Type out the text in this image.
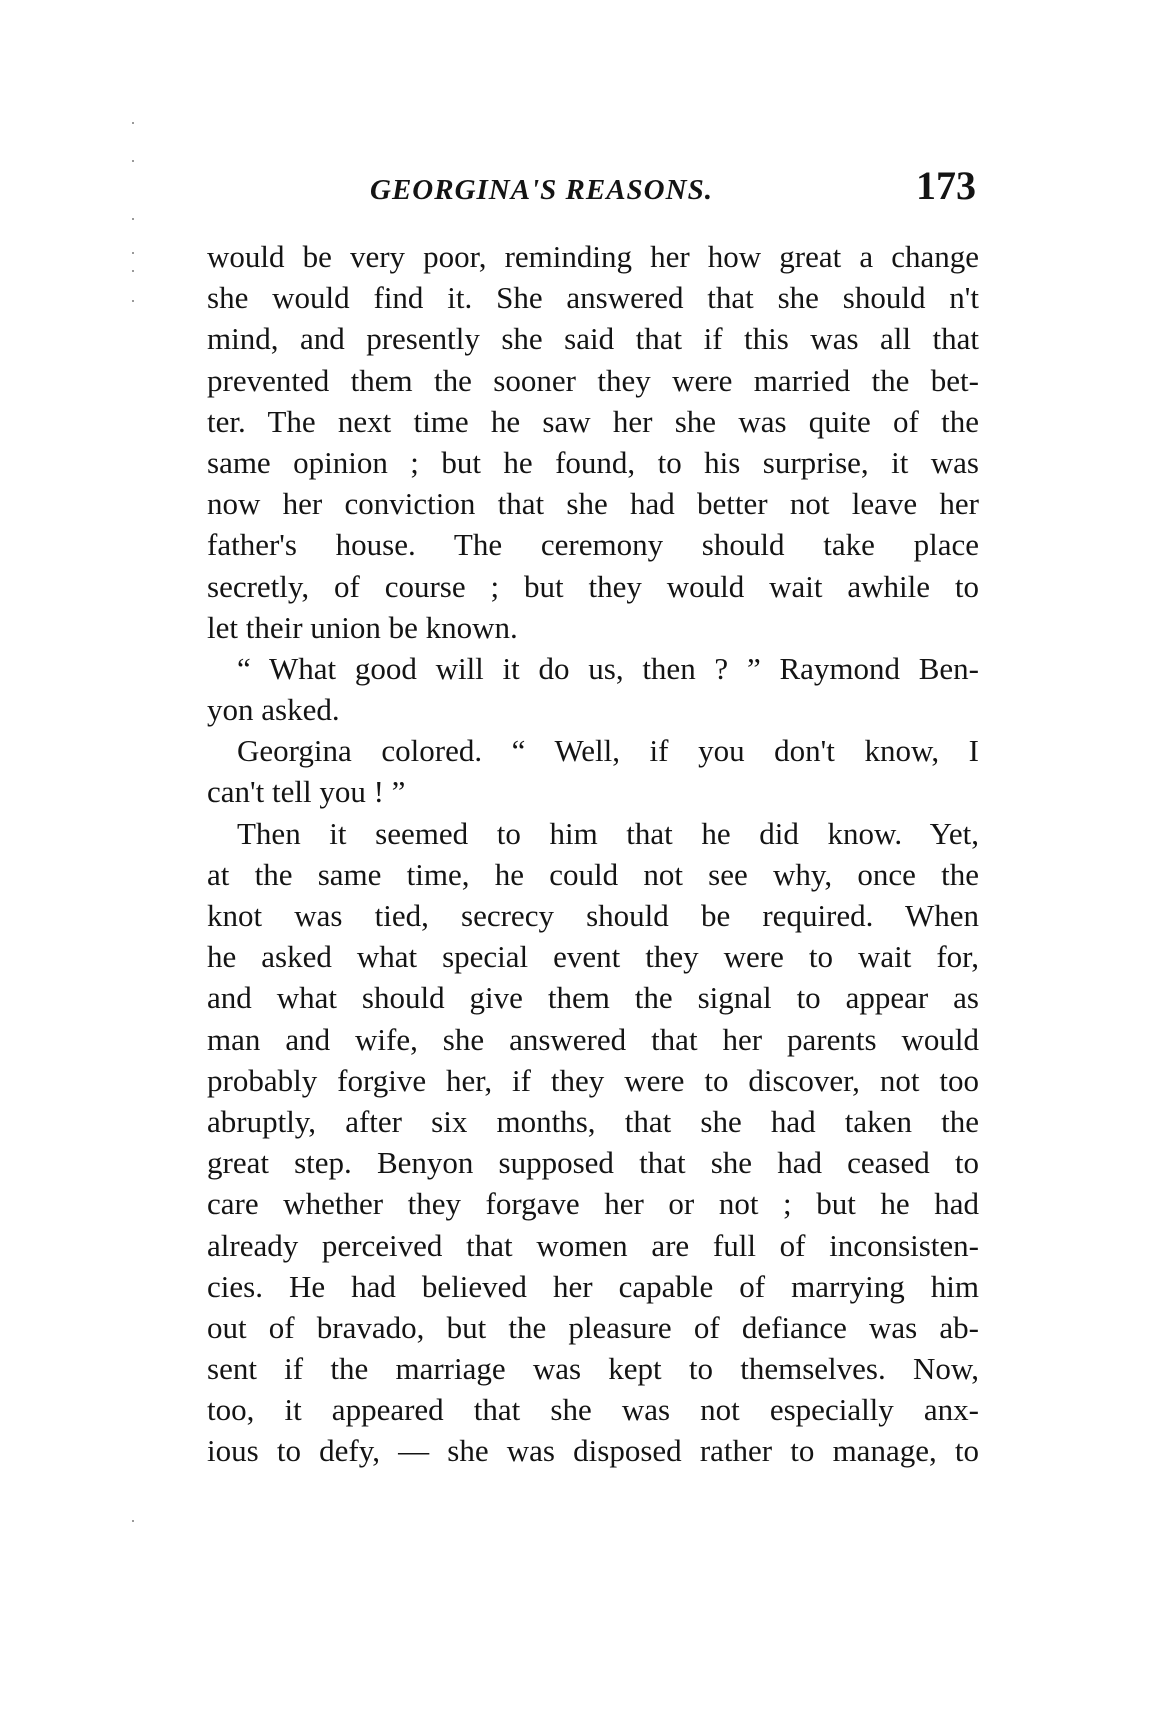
GEORGINA'S REASONS.	173
would be very poor, reminding her how great a change
she would find it. She answered that she should n't
mind, and presently she said that if this was all that
prevented them the sooner they were married the bet-
ter. The next time he saw her she was quite of the
same opinion ; but he found, to his surprise, it was
now her conviction that she had better not leave her
father's house. The ceremony should take place
secretly, of course ; but they would wait awhile to
let their union be known.
“ What good will it do us, then ? ” Raymond Ben-
yon asked.
Georgina colored. “ Well, if you don't know, I
can't tell you ! ”
Then it seemed to him that he did know. Yet,
at the same time, he could not see why, once the
knot was tied, secrecy should be required. When
he asked what special event they were to wait for,
and what should give them the signal to appear as
man and wife, she answered that her parents would
probably forgive her, if they were to discover, not too
abruptly, after six months, that she had taken the
great step. Benyon supposed that she had ceased to
care whether they forgave her or not ; but he had
already perceived that women are full of inconsisten-
cies. He had believed her capable of marrying him
out of bravado, but the pleasure of defiance was ab-
sent if the marriage was kept to themselves. Now,
too, it appeared that she was not especially anx-
ious to defy, — she was disposed rather to manage, to
